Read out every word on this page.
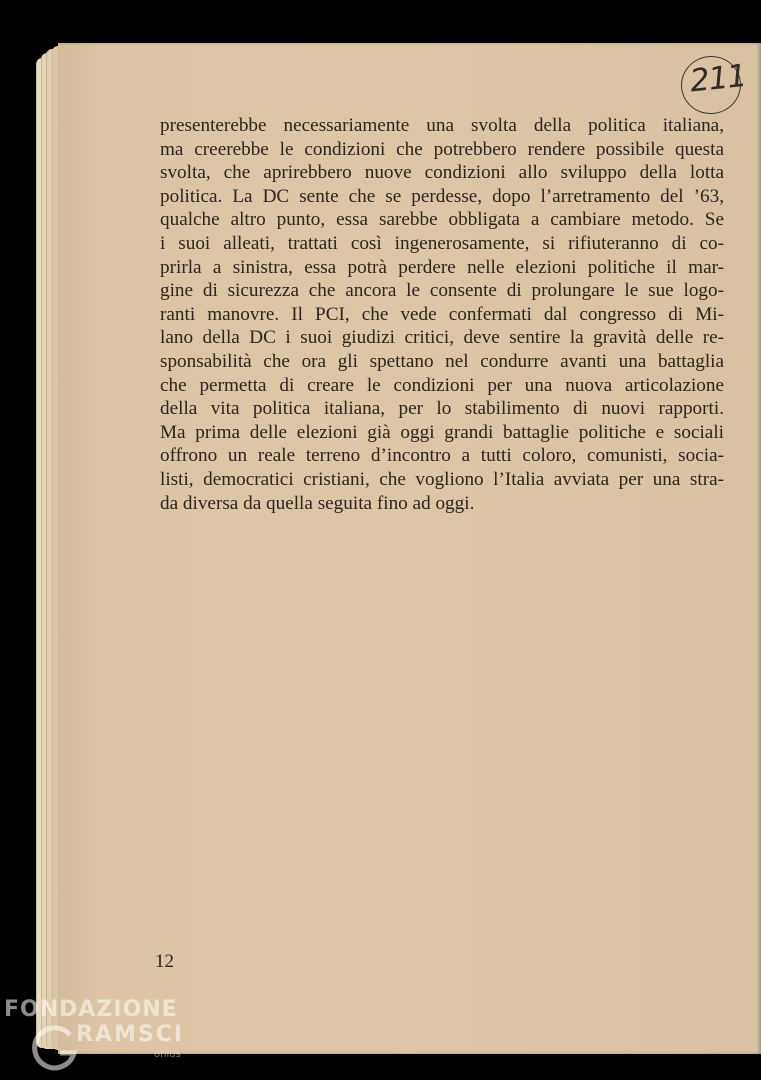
211
presenterebbe necessariamente una svolta della politica italiana,
ma creerebbe le condizioni che potrebbero rendere possibile questa
svolta, che aprirebbero nuove condizioni allo sviluppo della lotta
politica. La DC sente che se perdesse, dopo l’arretramento del ’63,
qualche altro punto, essa sarebbe obbligata a cambiare metodo. Se
i suoi alleati, trattati così ingenerosamente, si rifiuteranno di co-
prirla a sinistra, essa potrà perdere nelle elezioni politiche il mar-
gine di sicurezza che ancora le consente di prolungare le sue logo-
ranti manovre. Il PCI, che vede confermati dal congresso di Mi-
lano della DC i suoi giudizi critici, deve sentire la gravità delle re-
sponsabilità che ora gli spettano nel condurre avanti una battaglia
che permetta di creare le condizioni per una nuova articolazione
della vita politica italiana, per lo stabilimento di nuovi rapporti.
Ma prima delle elezioni già oggi grandi battaglie politiche e sociali
offrono un reale terreno d’incontro a tutti coloro, comunisti, socia-
listi, democratici cristiani, che vogliono l’Italia avviata per una stra-
da diversa da quella seguita fino ad oggi.
12
FONDAZIONE
RAMSCI
onlus
